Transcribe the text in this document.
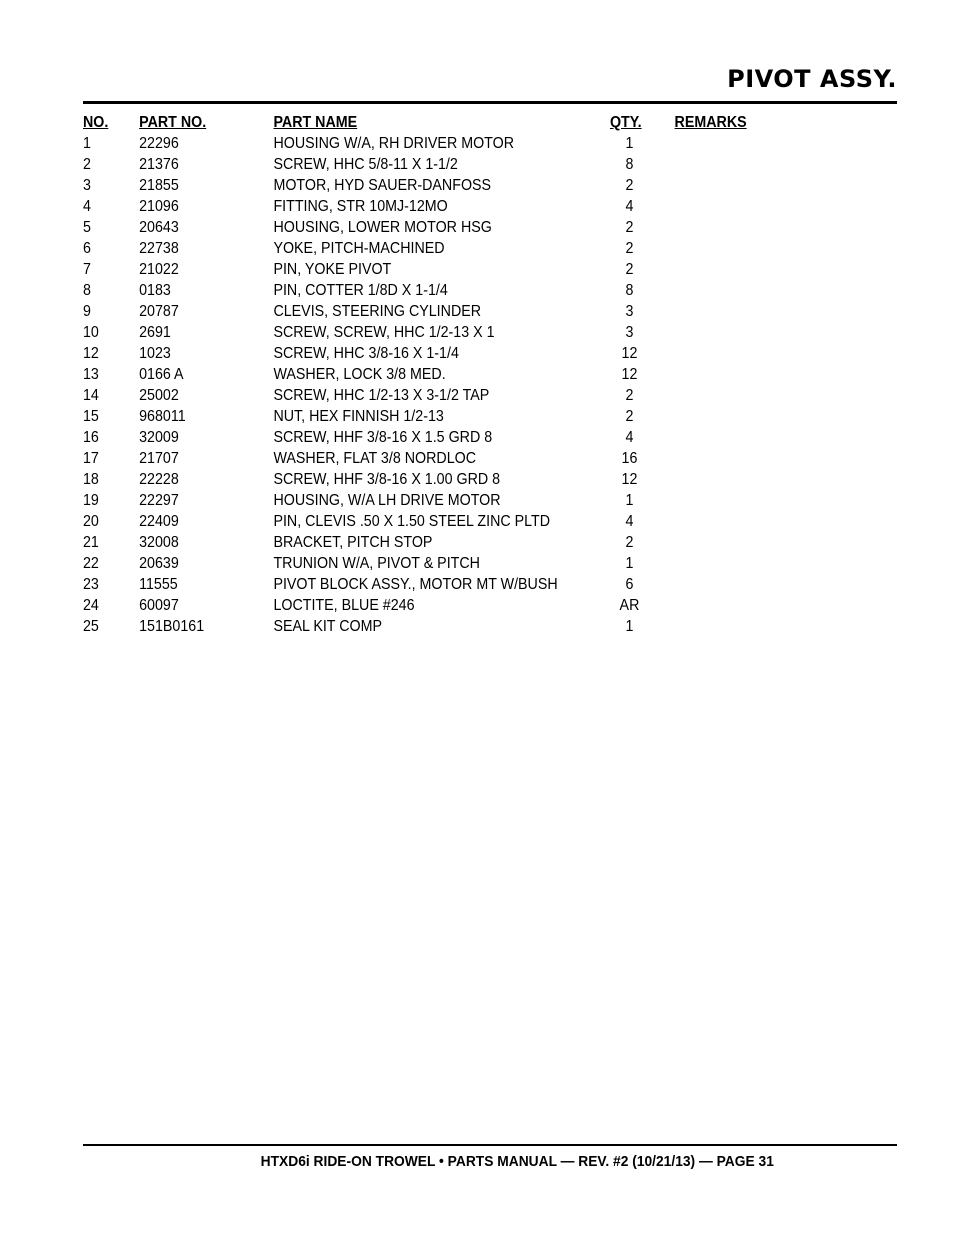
PIVOT ASSY.
NO. PART NO.	PART NAME	QTY.	REMARKS
1	22296	HOUSING W/A, RH DRIVER MOTOR	1
2	21376	SCREW, HHC 5/8-11 X 1-1/2	8
3	21855	MOTOR, HYD SAUER-DANFOSS	2
4	21096	FITTING, STR 10MJ-12MO	4
5	20643	HOUSING, LOWER MOTOR HSG	2
6	22738	YOKE, PITCH-MACHINED	2
7	21022	PIN, YOKE PIVOT	2
8	0183	PIN, COTTER 1/8D X 1-1/4	8
9	20787	CLEVIS, STEERING CYLINDER	3
10	2691	SCREW, SCREW, HHC 1/2-13 X 1	3
12	1023	SCREW, HHC 3/8-16 X 1-1/4	12
13	0166 A	WASHER, LOCK 3/8 MED.	12
14	25002	SCREW, HHC 1/2-13 X 3-1/2 TAP	2
15	968011	NUT, HEX FINNISH 1/2-13	2
16	32009	SCREW, HHF 3/8-16 X 1.5 GRD 8	4
17	21707	WASHER, FLAT 3/8 NORDLOC	16
18	22228	SCREW, HHF 3/8-16 X 1.00 GRD 8	12
19	22297	HOUSING, W/A LH DRIVE MOTOR	1
20	22409	PIN, CLEVIS .50 X 1.50 STEEL ZINC PLTD	4
21	32008	BRACKET, PITCH STOP	2
22	20639	TRUNION W/A, PIVOT & PITCH	1
23	11555	PIVOT BLOCK ASSY., MOTOR MT W/BUSH	6
24	60097	LOCTITE, BLUE #246	AR
25	151B0161	SEAL KIT COMP	1
HTXD6i RIDE-ON TROWEL • PARTS MANUAL — REV. #2 (10/21/13) — PAGE 31
